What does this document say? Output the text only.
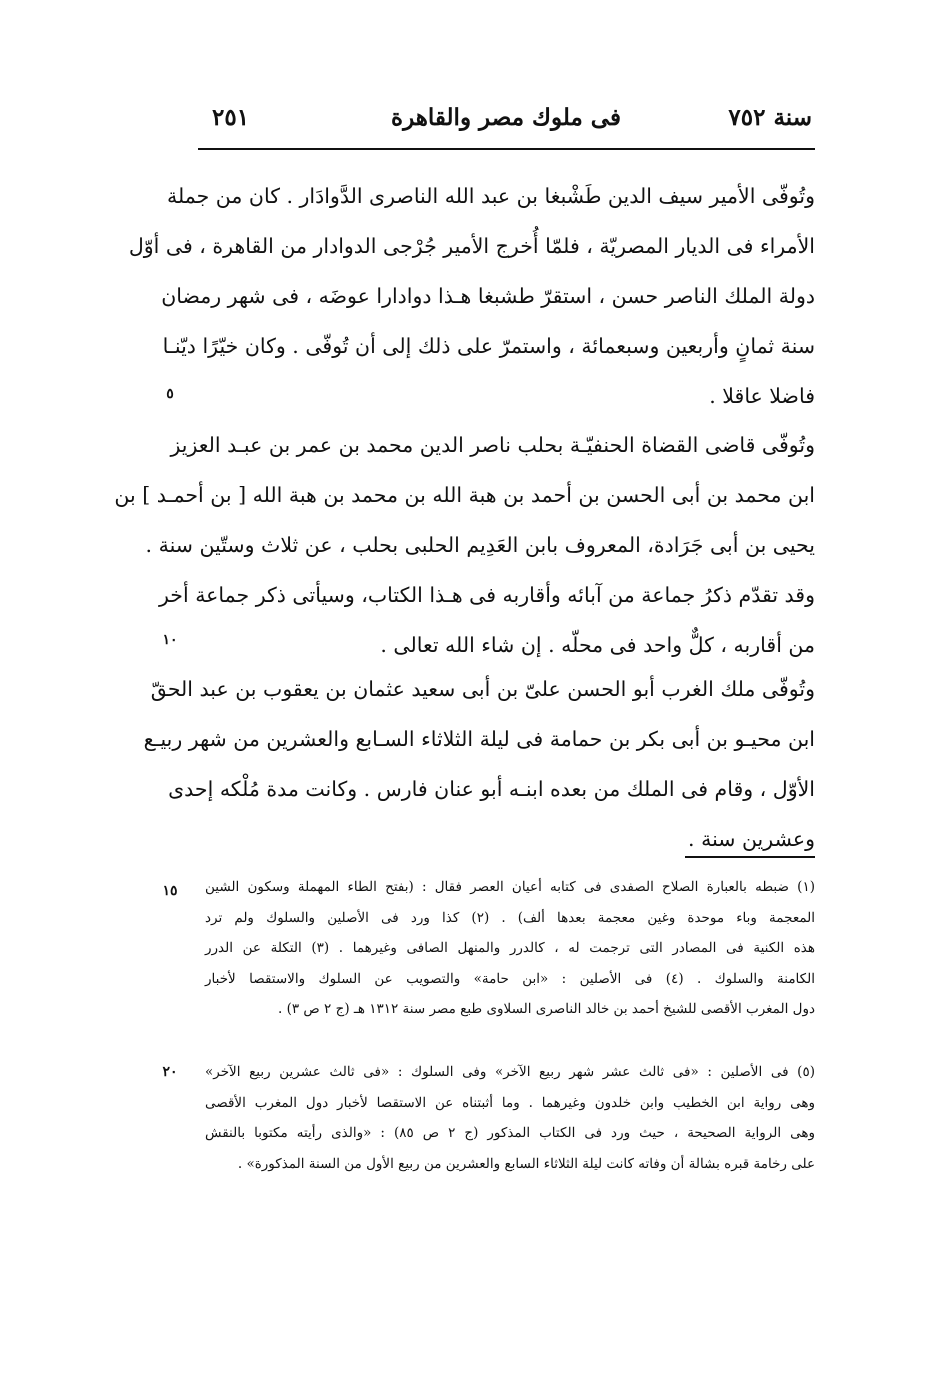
سنة ٧٥٢
فى ملوك مصر والقاهرة
٢٥١
وتُوفّى الأمير سيف الدين طَشْبغا بن عبد الله الناصرى الدَّوادَار . كان من جملة
الأمراء فى الديار المصريّة ، فلمّا أُخرج الأمير جُرْجى الدوادار من القاهرة ، فى أوّل
دولة الملك الناصر حسن ، استقرّ طشبغا هـذا دوادارا عوضَه ، فى شهر رمضان
سنة ثمانٍ وأربعين وسبعمائة ، واستمرّ على ذلك إلى أن تُوفّى . وكان خيّرًا ديّنـا
فاضلا عاقلا .
وتُوفّى قاضى القضاة الحنفيّـة بحلب ناصر الدين محمد بن عمر بن عبـد العزيز
ابن محمد بن أبى الحسن بن أحمد بن هبة الله بن محمد بن هبة الله [ بن أحمـد ] بن
يحيى بن أبى جَرَادة، المعروف بابن العَدِيم الحلبى بحلب ، عن ثلاث وستّين سنة .
وقد تقدّم ذكرُ جماعة من آبائه وأقاربه فى هـذا الكتاب، وسيأتى ذكر جماعة أخر
من أقاربه ، كلٌّ واحد فى محلّه . إن شاء الله تعالى .
وتُوفّى ملك الغرب أبو الحسن علىّ بن أبى سعيد عثمان بن يعقوب بن عبد الحقّ
ابن محيـو بن أبى بكر بن حمامة فى ليلة الثلاثاء السـابع والعشرين من شهر ربيـع
الأوّل ، وقام فى الملك من بعده ابنـه أبو عنان فارس . وكانت مدة مُلْكه إحدى
وعشرين سنة .
(١) ضبطه بالعبارة الصلاح الصفدى فى كتابه أعيان العصر فقال : (بفتح الطاء المهملة وسكون الشين
المعجمة وباء موحدة وغين معجمة بعدها ألف) . (٢) كذا ورد فى الأصلين والسلوك ولم ترد
هذه الكنية فى المصادر التى ترجمت له ، كالدرر والمنهل الصافى وغيرهما . (٣) التكلة عن الدرر
الكامنة والسلوك . (٤) فى الأصلين : «ابن حامة» والتصويب عن السلوك والاستقصا لأخبار
دول المغرب الأقصى للشيخ أحمد بن خالد الناصرى السلاوى طبع مصر سنة ١٣١٢ هـ (ج ٢ ص ٣) .
(٥) فى الأصلين : «فى ثالث عشر شهر ربيع الآخر» وفى السلوك : «فى ثالث عشرين ربيع الآخر»
وهى رواية ابن الخطيب وابن خلدون وغيرهما . وما أثبتناه عن الاستقصا لأخبار دول المغرب الأقصى
وهى الرواية الصحيحة ، حيث ورد فى الكتاب المذكور (ج ٢ ص ٨٥) : «والذى رأيته مكتوبا بالنقش
على رخامة قبره بشالة أن وفاته كانت ليلة الثلاثاء السابع والعشرين من ربيع الأول من السنة المذكورة» .
٥
١٠
١٥
٢٠
